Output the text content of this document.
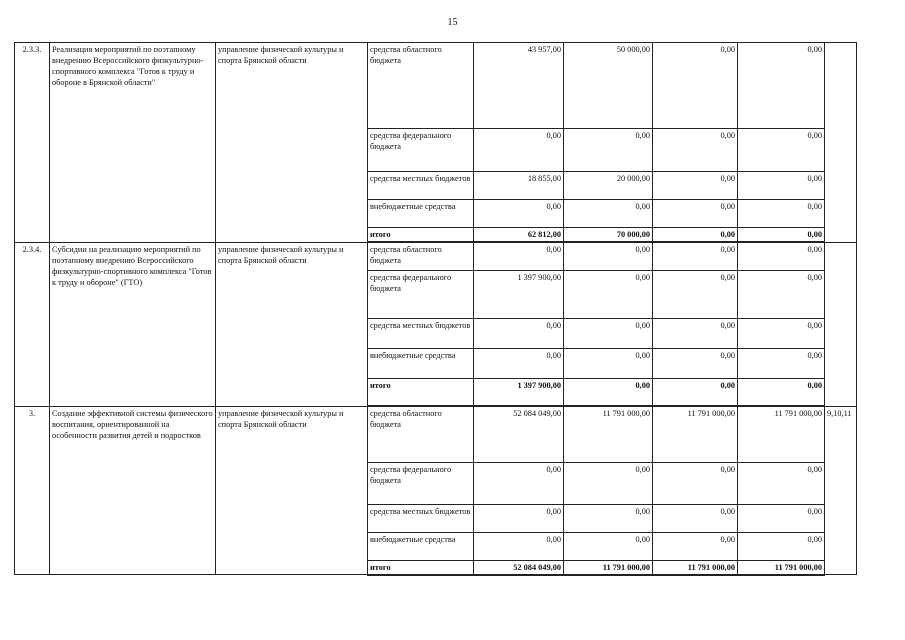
15
2.3.3.	Реализация мероприятий по поэтапному внедрению Всероссийского физкультурно-спортивного комплекса "Готов к труду и обороне в Брянской области"	управление физической культуры и спорта Брянской области	средства областного бюджета	43 957,00	50 000,00	0,00	0,00	
			средства федерального бюджета	0,00	0,00	0,00	0,00	
			средства местных бюджетов	18 855,00	20 000,00	0,00	0,00	
			внебюджетные средства	0,00	0,00	0,00	0,00	
			итого	62 812,00	70 000,00	0,00	0,00	
2.3.4.	Субсидии на реализацию мероприятий по поэтапному внедрению Всероссийского физкультурно-спортивного комплекса "Готов к труду и обороне" (ГТО)	управление физической культуры и спорта Брянской области	средства областного бюджета	0,00	0,00	0,00	0,00	
			средства федерального бюджета	1 397 900,00	0,00	0,00	0,00	
			средства местных бюджетов	0,00	0,00	0,00	0,00	
			внебюджетные средства	0,00	0,00	0,00	0,00	
			итого	1 397 900,00	0,00	0,00	0,00	
3.	Создание эффективной системы физического воспитания, ориентированной на особенности развития детей и подростков	управление физической культуры и спорта Брянской области	средства областного бюджета	52 084 049,00	11 791 000,00	11 791 000,00	11 791 000,00	9,10,11
			средства федерального бюджета	0,00	0,00	0,00	0,00	
			средства местных бюджетов	0,00	0,00	0,00	0,00	
			внебюджетные средства	0,00	0,00	0,00	0,00	
			итого	52 084 049,00	11 791 000,00	11 791 000,00	11 791 000,00	
